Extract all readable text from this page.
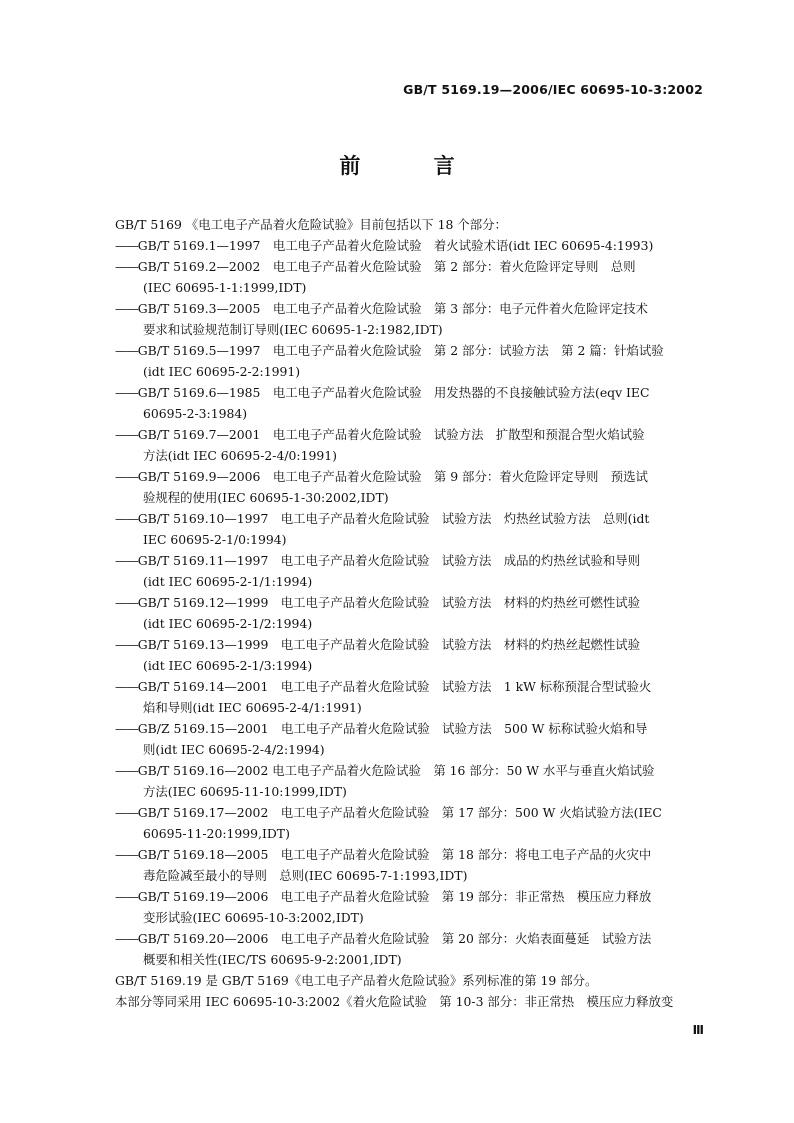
GB/T 5169.19—2006/IEC 60695-10-3:2002
前 言
GB/T 5169 《电工电子产品着火危险试验》目前包括以下 18 个部分：
——GB/T 5169.1—1997　电工电子产品着火危险试验　着火试验术语(idt IEC 60695-4:1993)
——GB/T 5169.2—2002　电工电子产品着火危险试验　第 2 部分：着火危险评定导则　总则
(IEC 60695-1-1:1999,IDT)
——GB/T 5169.3—2005　电工电子产品着火危险试验　第 3 部分：电子元件着火危险评定技术
要求和试验规范制订导则(IEC 60695-1-2:1982,IDT)
——GB/T 5169.5—1997　电工电子产品着火危险试验　第 2 部分：试验方法　第 2 篇：针焰试验
(idt IEC 60695-2-2:1991)
——GB/T 5169.6—1985　电工电子产品着火危险试验　用发热器的不良接触试验方法(eqv IEC
60695-2-3:1984)
——GB/T 5169.7—2001　电工电子产品着火危险试验　试验方法　扩散型和预混合型火焰试验
方法(idt IEC 60695-2-4/0:1991)
——GB/T 5169.9—2006　电工电子产品着火危险试验　第 9 部分：着火危险评定导则　预选试
验规程的使用(IEC 60695-1-30:2002,IDT)
——GB/T 5169.10—1997　电工电子产品着火危险试验　试验方法　灼热丝试验方法　总则(idt
IEC 60695-2-1/0:1994)
——GB/T 5169.11—1997　电工电子产品着火危险试验　试验方法　成品的灼热丝试验和导则
(idt IEC 60695-2-1/1:1994)
——GB/T 5169.12—1999　电工电子产品着火危险试验　试验方法　材料的灼热丝可燃性试验
(idt IEC 60695-2-1/2:1994)
——GB/T 5169.13—1999　电工电子产品着火危险试验　试验方法　材料的灼热丝起燃性试验
(idt IEC 60695-2-1/3:1994)
——GB/T 5169.14—2001　电工电子产品着火危险试验　试验方法　1 kW 标称预混合型试验火
焰和导则(idt IEC 60695-2-4/1:1991)
——GB/Z 5169.15—2001　电工电子产品着火危险试验　试验方法　500 W 标称试验火焰和导
则(idt IEC 60695-2-4/2:1994)
——GB/T 5169.16—2002 电工电子产品着火危险试验　第 16 部分：50 W 水平与垂直火焰试验
方法(IEC 60695-11-10:1999,IDT)
——GB/T 5169.17—2002　电工电子产品着火危险试验　第 17 部分：500 W 火焰试验方法(IEC
60695-11-20:1999,IDT)
——GB/T 5169.18—2005　电工电子产品着火危险试验　第 18 部分：将电工电子产品的火灾中
毒危险减至最小的导则　总则(IEC 60695-7-1:1993,IDT)
——GB/T 5169.19—2006　电工电子产品着火危险试验　第 19 部分：非正常热　模压应力释放
变形试验(IEC 60695-10-3:2002,IDT)
——GB/T 5169.20—2006　电工电子产品着火危险试验　第 20 部分：火焰表面蔓延　试验方法
概要和相关性(IEC/TS 60695-9-2:2001,IDT)
GB/T 5169.19 是 GB/T 5169《电工电子产品着火危险试验》系列标准的第 19 部分。
本部分等同采用 IEC 60695-10-3:2002《着火危险试验　第 10-3 部分：非正常热　模压应力释放变
Ⅲ
